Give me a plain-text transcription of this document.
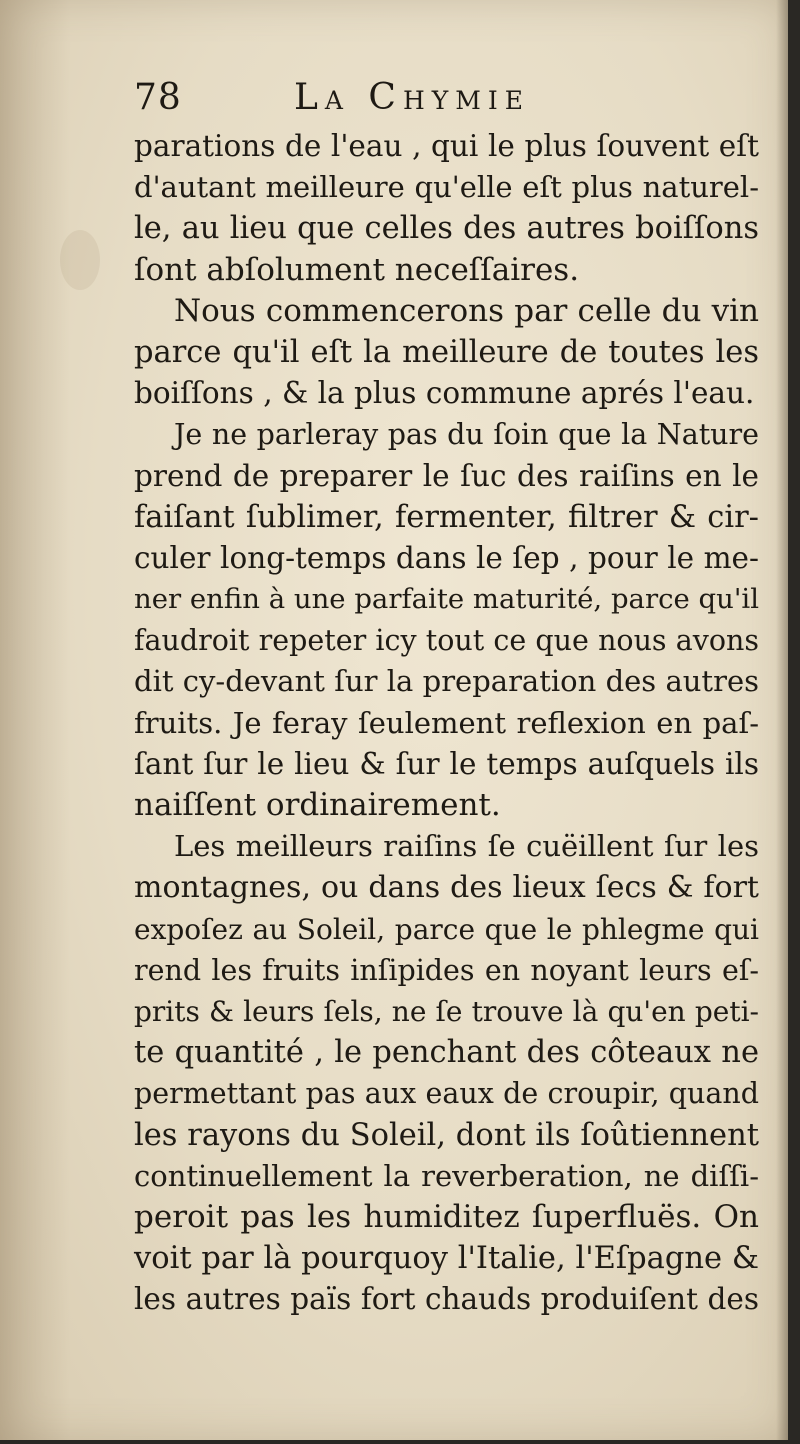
78	La Chymie
parations de l'eau , qui le plus ſouvent eſt
d'autant meilleure qu'elle eſt plus naturel-
le, au lieu que celles des autres boiſſons
ſont abſolument neceſſaires.
Nous commencerons par celle du vin
parce qu'il eſt la meilleure de toutes les
boiſſons , & la plus commune aprés l'eau.
Je ne parleray pas du ſoin que la Nature
prend de preparer le ſuc des raiſins en le
faiſant ſublimer, fermenter, filtrer & cir-
culer long-temps dans le ſep , pour le me-
ner enfin à une parfaite maturité, parce qu'il
faudroit repeter icy tout ce que nous avons
dit cy-devant ſur la preparation des autres
fruits. Je feray ſeulement reflexion en paſ-
ſant ſur le lieu & ſur le temps auſquels ils
naiſſent ordinairement.
Les meilleurs raiſins ſe cuëillent ſur les
montagnes, ou dans des lieux ſecs & fort
expoſez au Soleil, parce que le phlegme qui
rend les fruits inſipides en noyant leurs eſ-
prits & leurs ſels, ne ſe trouve là qu'en peti-
te quantité , le penchant des côteaux ne
permettant pas aux eaux de croupir, quand
les rayons du Soleil, dont ils ſoûtiennent
continuellement la reverberation, ne diſſi-
peroit pas les humiditez ſuperfluës. On
voit par là pourquoy l'Italie, l'Eſpagne &
les autres païs fort chauds produiſent des
